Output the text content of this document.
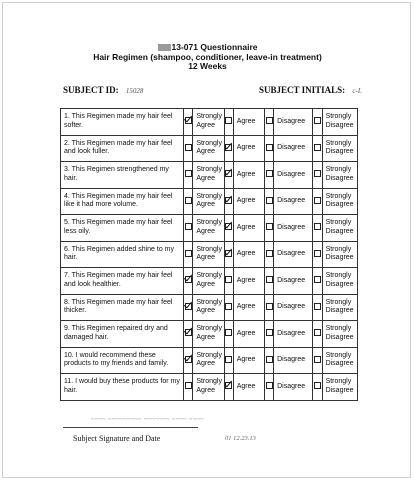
13-071 Questionnaire
Hair Regimen (shampoo, conditioner, leave-in treatment)
12 Weeks
SUBJECT ID: 15028	SUBJECT INITIALS: c-L
1. This Regimen made my hair feel softer.		Strongly Agree		Agree		Disagree		Strongly Disagree
2. This Regimen made my hair feel and look fuller.		Strongly Agree		Agree		Disagree		Strongly Disagree
3. This Regimen strengthened my hair.		Strongly Agree		Agree		Disagree		Strongly Disagree
4. This Regimen made my hair feel like it had more volume.		Strongly Agree		Agree		Disagree		Strongly Disagree
5. This Regimen made my hair feel less oily.		Strongly Agree		Agree		Disagree		Strongly Disagree
6. This Regimen added shine to my hair.		Strongly Agree		Agree		Disagree		Strongly Disagree
7. This Regimen made my hair feel and look healthier.		Strongly Agree		Agree		Disagree		Strongly Disagree
8. This Regimen made my hair feel thicker.		Strongly Agree		Agree		Disagree		Strongly Disagree
9. This Regimen repaired dry and damaged hair.		Strongly Agree		Agree		Disagree		Strongly Disagree
10. I would recommend these products to my friends and family.		Strongly Agree		Agree		Disagree		Strongly Disagree
11. I would buy these products for my hair.		Strongly Agree		Agree		Disagree		Strongly Disagree
~~~~ ~~~~~~~~~ ~~~~~~~ ~~~~ ~~~~
Subject Signature and Date	01 12.23.13
